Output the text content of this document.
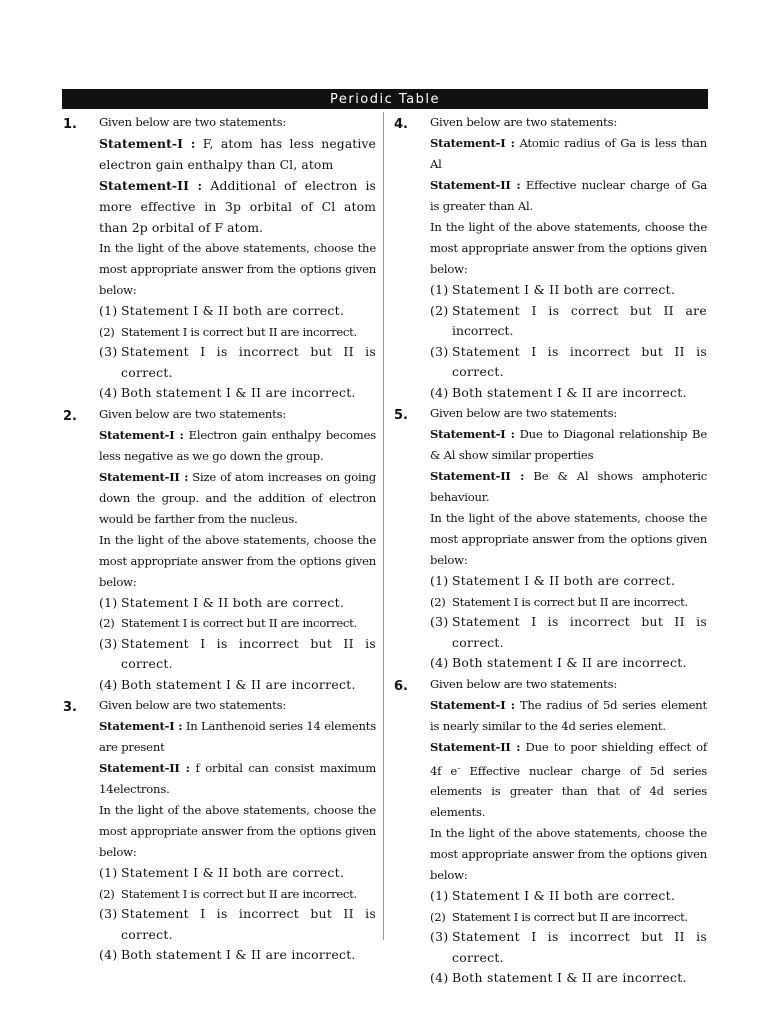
Periodic Table
1. Given below are two statements:
Statement-I : F, atom has less negative electron gain enthalpy than Cl, atom
Statement-II : Additional of electron is more effective in 3p orbital of Cl atom than 2p orbital of F atom.
In the light of the above statements, choose the most appropriate answer from the options given below:
(1) Statement I & II both are correct.
(2) Statement I is correct but II are incorrect.
(3) Statement I is incorrect but II is correct.
(4) Both statement I & II are incorrect.
2. Given below are two statements:
Statement-I : Electron gain enthalpy becomes less negative as we go down the group.
Statement-II : Size of atom increases on going down the group. and the addition of electron would be farther from the nucleus.
In the light of the above statements, choose the most appropriate answer from the options given below:
(1) Statement I & II both are correct.
(2) Statement I is correct but II are incorrect.
(3) Statement I is incorrect but II is correct.
(4) Both statement I & II are incorrect.
3. Given below are two statements:
Statement-I : In Lanthenoid series 14 elements are present
Statement-II : f orbital can consist maximum 14electrons.
In the light of the above statements, choose the most appropriate answer from the options given below:
(1) Statement I & II both are correct.
(2) Statement I is correct but II are incorrect.
(3) Statement I is incorrect but II is correct.
(4) Both statement I & II are incorrect.
4. Given below are two statements:
Statement-I : Atomic radius of Ga is less than Al
Statement-II : Effective nuclear charge of Ga is greater than Al.
In the light of the above statements, choose the most appropriate answer from the options given below:
(1) Statement I & II both are correct.
(2) Statement I is correct but II are
incorrect.
(3) Statement I is incorrect but II is correct.
(4) Both statement I & II are incorrect.
5. Given below are two statements:
Statement-I : Due to Diagonal relationship Be & Al show similar properties
Statement-II : Be & Al shows amphoteric behaviour.
In the light of the above statements, choose the most appropriate answer from the options given below:
(1) Statement I & II both are correct.
(2) Statement I is correct but II are incorrect.
(3) Statement I is incorrect but II is correct.
(4) Both statement I & II are incorrect.
6. Given below are two statements:
Statement-I : The radius of 5d series element is nearly similar to the 4d series element.
Statement-II : Due to poor shielding effect of 4f e– Effective nuclear charge of 5d series elements is greater than that of 4d series elements.
In the light of the above statements, choose the most appropriate answer from the options given below:
(1) Statement I & II both are correct.
(2) Statement I is correct but II are incorrect.
(3) Statement I is incorrect but II is correct.
(4) Both statement I & II are incorrect.
